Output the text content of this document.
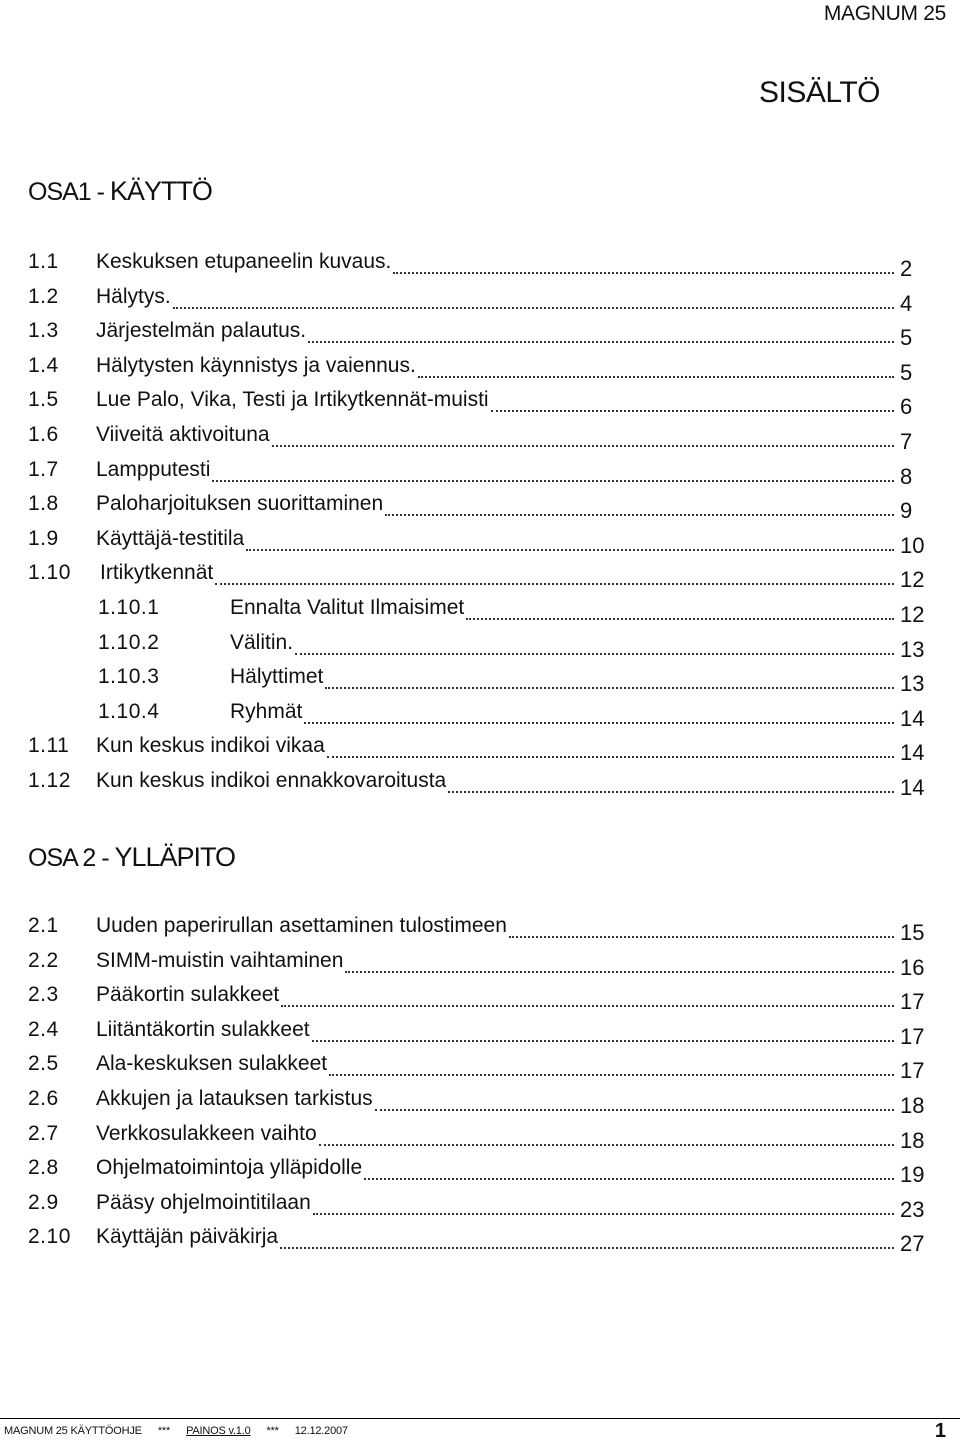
MAGNUM 25
SISÄLTÖ
OSA1 - KÄYTTÖ
1.1 Keskuksen etupaneelin kuvaus.	2
1.2 Hälytys.	4
1.3 Järjestelmän palautus.	5
1.4 Hälytysten käynnistys ja vaiennus.	5
1.5 Lue Palo, Vika, Testi ja Irtikytkennät-muisti	6
1.6 Viiveitä aktivoituna	7
1.7 Lampputesti	8
1.8 Paloharjoituksen suorittaminen	9
1.9 Käyttäjä-testitila	10
1.10 Irtikytkennät	12
1.10.1	Ennalta Valitut Ilmaisimet	12
1.10.2	Välitin.	13
1.10.3	Hälyttimet	13
1.10.4	Ryhmät	14
1.11 Kun keskus indikoi vikaa	14
1.12 Kun keskus indikoi ennakkovaroitusta	14
OSA 2 - YLLÄPITO
2.1 Uuden paperirullan asettaminen tulostimeen	15
2.2 SIMM-muistin vaihtaminen	16
2.3 Pääkortin sulakkeet	17
2.4 Liitäntäkortin sulakkeet	17
2.5 Ala-keskuksen sulakkeet	17
2.6 Akkujen ja latauksen tarkistus	18
2.7 Verkkosulakkeen vaihto	18
2.8 Ohjelmatoimintoja ylläpidolle	19
2.9 Pääsy ohjelmointitilaan	23
2.10 Käyttäjän päiväkirja	27
MAGNUM 25 KÄYTTÖOHJE *** PAINOS v.1.0 *** 12.12.2007	1
